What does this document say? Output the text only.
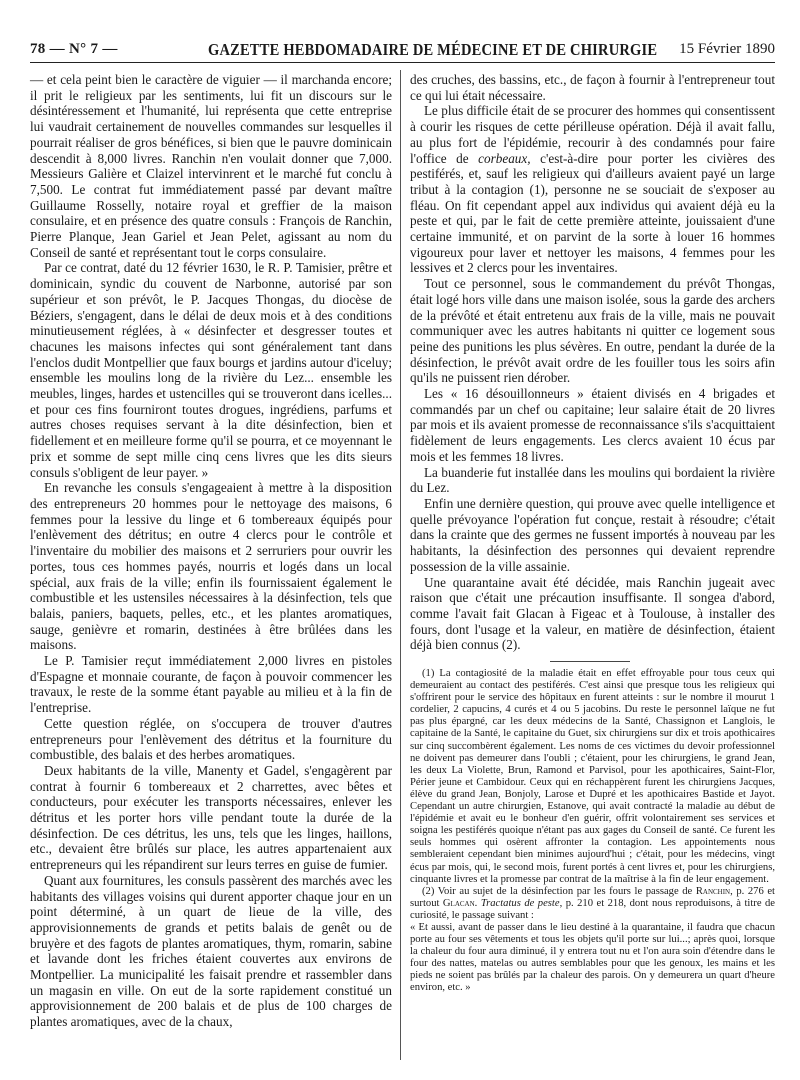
78 — N° 7 —	GAZETTE HEBDOMADAIRE DE MÉDECINE ET DE CHIRURGIE 15 Février 1890

— et cela peint bien le caractère de viguier — il marchanda encore; il prit le religieux par les sentiments, lui fit un discours sur le désintéressement et l'humanité, lui représenta que cette entreprise lui vaudrait certainement de nouvelles commandes sur lesquelles il pourrait réaliser de gros bénéfices, si bien que le pauvre dominicain descendit à 8,000 livres. Ranchin n'en voulait donner que 7,000. Messieurs Galière et Claizel intervinrent et le marché fut conclu à 7,500. Le contrat fut immédiatement passé par devant maître Guillaume Rosselly, notaire royal et greffier de la maison consulaire, et en présence des quatre consuls : François de Ranchin, Pierre Planque, Jean Gariel et Jean Pelet, agissant au nom du Conseil de santé et représentant tout le corps consulaire.

Par ce contrat, daté du 12 février 1630, le R. P. Tamisier, prêtre et dominicain, syndic du couvent de Narbonne, autorisé par son supérieur et son prévôt, le P. Jacques Thongas, du diocèse de Béziers, s'engagent, dans le délai de deux mois et à des conditions minutieusement réglées, à « désinfecter et desgresser toutes et chacunes les maisons infectes qui sont généralement tant dans l'enclos dudit Montpellier que faux bourgs et jardins autour d'iceluy; ensemble les moulins long de la rivière du Lez... ensemble les meubles, linges, hardes et ustencilles qui se trouveront dans icelles... et pour ces fins fourniront toutes drogues, ingrédiens, parfums et autres choses requises servant à la dite désinfection, bien et fidellement et en meilleure forme qu'il se pourra, et ce moyennant le prix et somme de sept mille cinq cens livres que les dits sieurs consuls s'obligent de leur payer. »

En revanche les consuls s'engageaient à mettre à la disposition des entrepreneurs 20 hommes pour le nettoyage des maisons, 6 femmes pour la lessive du linge et 6 tombereaux équipés pour l'enlèvement des détritus; en outre 4 clercs pour le contrôle et l'inventaire du mobilier des maisons et 2 serruriers pour ouvrir les portes, tous ces hommes payés, nourris et logés dans un local spécial, aux frais de la ville; enfin ils fournissaient également le combustible et les ustensiles nécessaires à la désinfection, tels que balais, paniers, baquets, pelles, etc., et les plantes aromatiques, sauge, genièvre et romarin, destinées à être brûlées dans les maisons.

Le P. Tamisier reçut immédiatement 2,000 livres en pistoles d'Espagne et monnaie courante, de façon à pouvoir commencer les travaux, le reste de la somme étant payable au milieu et à la fin de l'entreprise.

Cette question réglée, on s'occupera de trouver d'autres entrepreneurs pour l'enlèvement des détritus et la fourniture du combustible, des balais et des herbes aromatiques.

Deux habitants de la ville, Manenty et Gadel, s'engagèrent par contrat à fournir 6 tombereaux et 2 charrettes, avec bêtes et conducteurs, pour exécuter les transports nécessaires, enlever les détritus et les porter hors ville pendant toute la durée de la désinfection. De ces détritus, les uns, tels que les linges, haillons, etc., devaient être brûlés sur place, les autres appartenaient aux entrepreneurs qui les répandirent sur leurs terres en guise de fumier.

Quant aux fournitures, les consuls passèrent des marchés avec les habitants des villages voisins qui durent apporter chaque jour en un point déterminé, à un quart de lieue de la ville, des approvisionnements de grands et petits balais de genêt ou de bruyère et des fagots de plantes aromatiques, thym, romarin, sabine et lavande dont les friches étaient couvertes aux environs de Montpellier. La municipalité les faisait prendre et rassembler dans un magasin en ville. On eut de la sorte rapidement constitué un approvisionnement de 200 balais et de plus de 100 charges de plantes aromatiques, avec de la chaux,

des cruches, des bassins, etc., de façon à fournir à l'entrepreneur tout ce qui lui était nécessaire.

Le plus difficile était de se procurer des hommes qui consentissent à courir les risques de cette périlleuse opération. Déjà il avait fallu, au plus fort de l'épidémie, recourir à des condamnés pour faire l'office de corbeaux, c'est-à-dire pour porter les civières des pestiférés, et, sauf les religieux qui d'ailleurs avaient payé un large tribut à la contagion (1), personne ne se souciait de s'exposer au fléau. On fit cependant appel aux individus qui avaient déjà eu la peste et qui, par le fait de cette première atteinte, jouissaient d'une certaine immunité, et on parvint de la sorte à louer 16 hommes vigoureux pour laver et nettoyer les maisons, 4 femmes pour les lessives et 2 clercs pour les inventaires.

Tout ce personnel, sous le commandement du prévôt Thongas, était logé hors ville dans une maison isolée, sous la garde des archers de la prévôté et était entretenu aux frais de la ville, mais ne pouvait communiquer avec les autres habitants ni quitter ce logement sous peine des punitions les plus sévères. En outre, pendant la durée de la désinfection, le prévôt avait ordre de les fouiller tous les soirs afin qu'ils ne puissent rien dérober.

Les « 16 désouillonneurs » étaient divisés en 4 brigades et commandés par un chef ou capitaine; leur salaire était de 20 livres par mois et ils avaient promesse de reconnaissance s'ils s'acquittaient fidèlement de leurs engagements. Les clercs avaient 10 écus par mois et les femmes 18 livres.

La buanderie fut installée dans les moulins qui bordaient la rivière du Lez.

Enfin une dernière question, qui prouve avec quelle intelligence et quelle prévoyance l'opération fut conçue, restait à résoudre; c'était dans la crainte que des germes ne fussent importés à nouveau par les habitants, la désinfection des personnes qui devaient reprendre possession de la ville assainie.

Une quarantaine avait été décidée, mais Ranchin jugeait avec raison que c'était une précaution insuffisante. Il songea d'abord, comme l'avait fait Glacan à Figeac et à Toulouse, à installer des fours, dont l'usage et la valeur, en matière de désinfection, étaient déjà bien connus (2).

(1) La contagiosité de la maladie était en effet effroyable pour tous ceux qui demeuraient au contact des pestiférés. C'est ainsi que presque tous les religieux qui s'offrirent pour le service des hôpitaux en furent atteints : sur le nombre il mourut 1 cordelier, 2 capucins, 4 curés et 4 ou 5 jacobins. Du reste le personnel laïque ne fut pas plus épargné, car les deux médecins de la Santé, Chassignon et Langlois, le capitaine de la Santé, le capitaine du Guet, six chirurgiens sur dix et trois apothicaires sur cinq succombèrent également. Les noms de ces victimes du devoir professionnel ne doivent pas demeurer dans l'oubli ; c'étaient, pour les chirurgiens, le grand Jean, les deux La Violette, Brun, Ramond et Parvisol, pour les apothicaires, Saint-Flor, Périer jeune et Cambidour. Ceux qui en réchappèrent furent les chirurgiens Jacques, élève du grand Jean, Bonjoly, Larose et Dupré et les apothicaires Bastide et Jayot. Cependant un autre chirurgien, Estanove, qui avait contracté la maladie au début de l'épidémie et avait eu le bonheur d'en guérir, offrit volontairement ses services et soigna les pestiférés quoique n'étant pas aux gages du Conseil de santé. Ce furent les seuls hommes qui osèrent affronter la contagion. Les appointements nous sembleraient cependant bien minimes aujourd'hui ; c'était, pour les médecins, vingt écus par mois, qui, le second mois, furent portés à cent livres et, pour les chirurgiens, cinquante livres et la promesse par contrat de la maîtrise à la fin de leur engagement.

(2) Voir au sujet de la désinfection par les fours le passage de Ranchin, p. 276 et surtout Glacan. Tractatus de peste, p. 210 et 218, dont nous reproduisons, à titre de curiosité, le passage suivant :

« Et aussi, avant de passer dans le lieu destiné à la quarantaine, il faudra que chacun porte au four ses vêtements et tous les objets qu'il porte sur lui...; après quoi, lorsque la chaleur du four aura diminué, il y entrera tout nu et l'on aura soin d'étendre dans le four des nattes, matelas ou autres semblables pour que les genoux, les mains et les pieds ne soient pas brûlés par la chaleur des parois. On y demeurera un quart d'heure environ, etc. »
